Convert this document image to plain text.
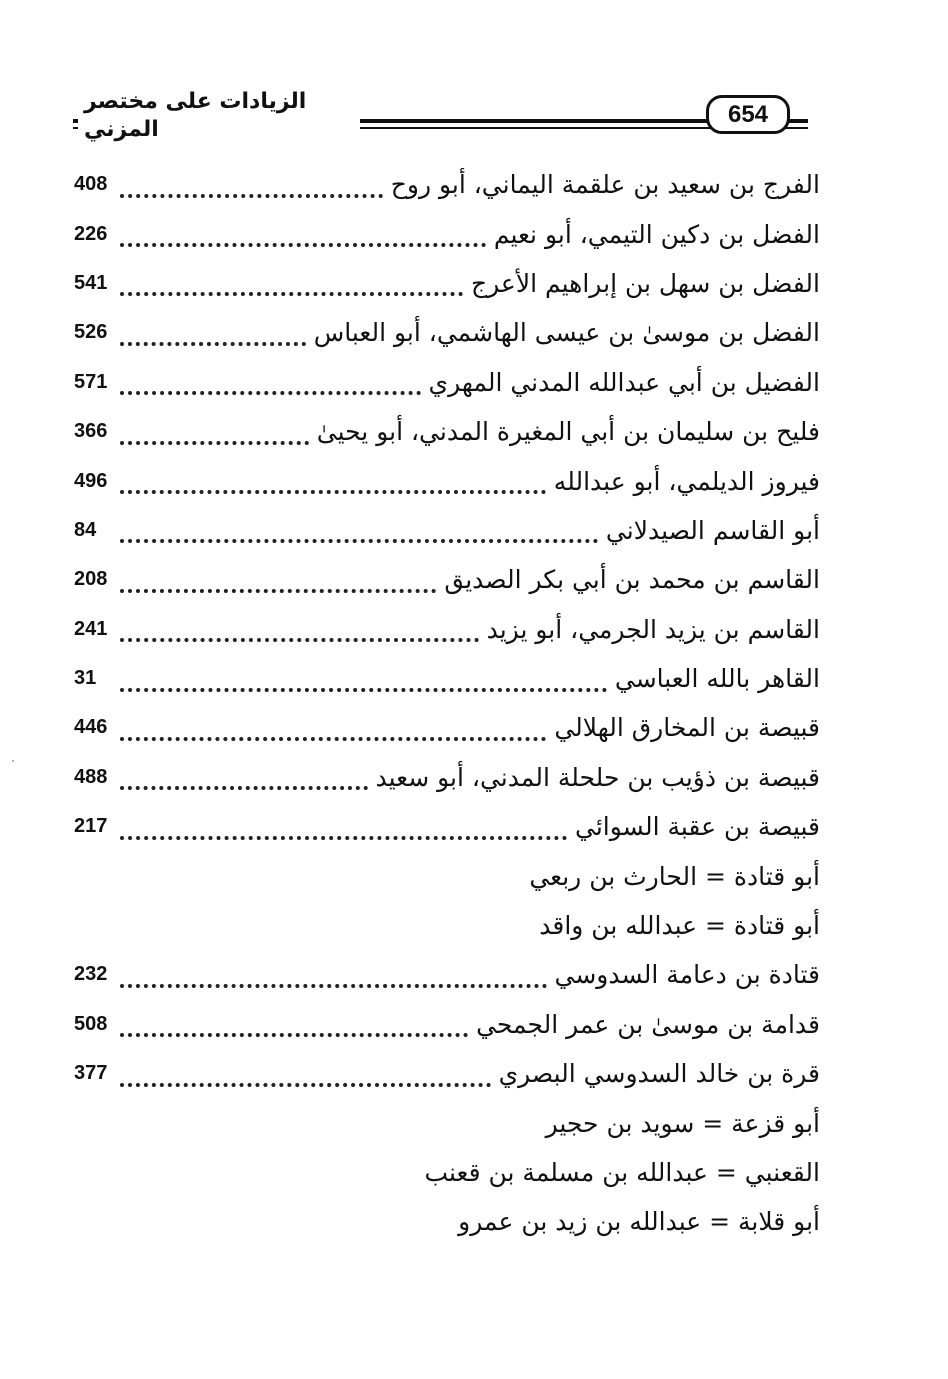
الزيادات على مختصر المزني
654
الفرج بن سعيد بن علقمة اليماني، أبو روح
408
الفضل بن دكين التيمي، أبو نعيم
226
الفضل بن سهل بن إبراهيم الأعرج
541
الفضل بن موسىٰ بن عيسى الهاشمي، أبو العباس
526
الفضيل بن أبي عبدالله المدني المهري
571
فليح بن سليمان بن أبي المغيرة المدني، أبو يحيىٰ
366
فيروز الديلمي، أبو عبدالله
496
أبو القاسم الصيدلاني
84
القاسم بن محمد بن أبي بكر الصديق
208
القاسم بن يزيد الجرمي، أبو يزيد
241
القاهر بالله العباسي
31
قبيصة بن المخارق الهلالي
446
قبيصة بن ذؤيب بن حلحلة المدني، أبو سعيد
488
قبيصة بن عقبة السوائي
217
أبو قتادة = الحارث بن ربعي
أبو قتادة = عبدالله بن واقد
قتادة بن دعامة السدوسي
232
قدامة بن موسىٰ بن عمر الجمحي
508
قرة بن خالد السدوسي البصري
377
أبو قزعة = سويد بن حجير
القعنبي = عبدالله بن مسلمة بن قعنب
أبو قلابة = عبدالله بن زيد بن عمرو
